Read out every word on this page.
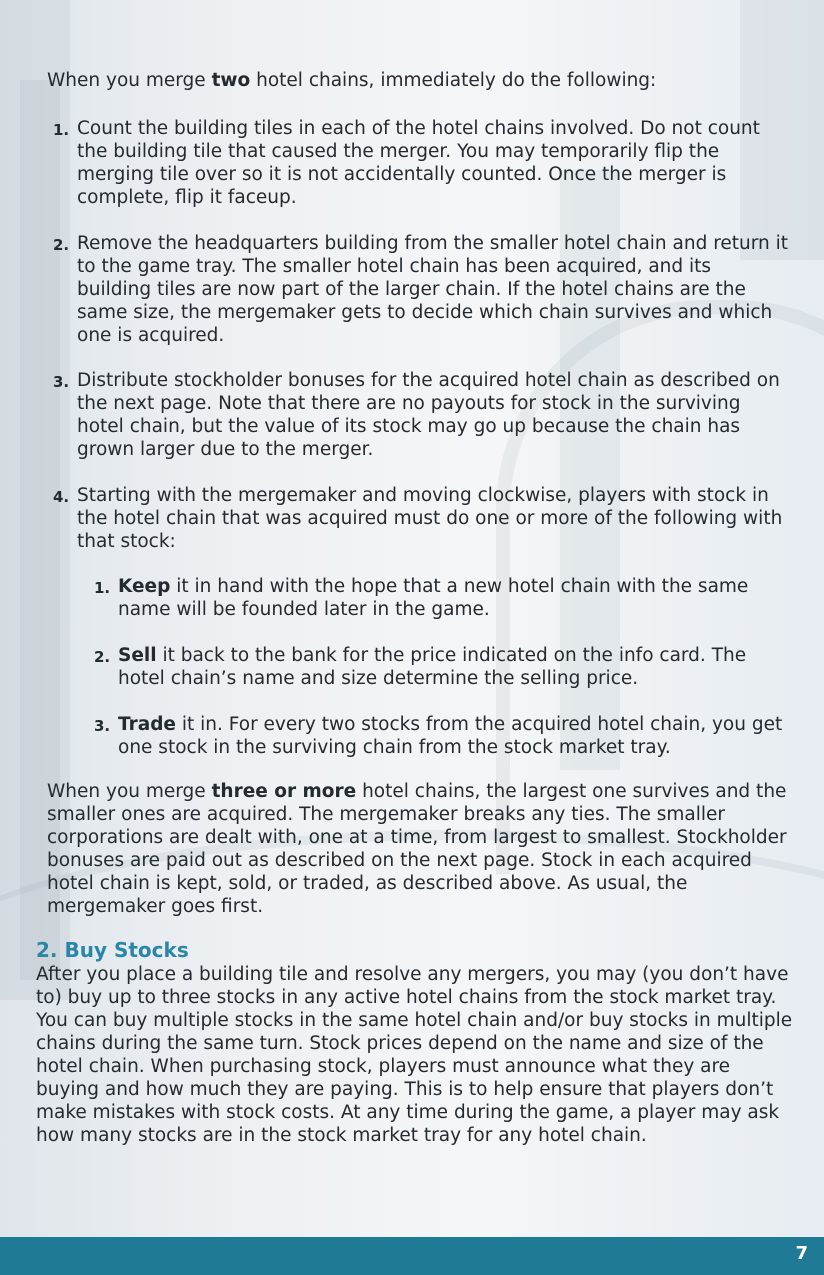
When you merge two hotel chains, immediately do the following:

1. Count the building tiles in each of the hotel chains involved. Do not count the building tile that caused the merger. You may temporarily flip the merging tile over so it is not accidentally counted. Once the merger is complete, flip it faceup.
2. Remove the headquarters building from the smaller hotel chain and return it to the game tray. The smaller hotel chain has been acquired, and its building tiles are now part of the larger chain. If the hotel chains are the same size, the mergemaker gets to decide which chain survives and which one is acquired.
3. Distribute stockholder bonuses for the acquired hotel chain as described on the next page. Note that there are no payouts for stock in the surviving hotel chain, but the value of its stock may go up because the chain has grown larger due to the merger.
4. Starting with the mergemaker and moving clockwise, players with stock in the hotel chain that was acquired must do one or more of the following with that stock:
1. Keep it in hand with the hope that a new hotel chain with the same name will be founded later in the game.
2. Sell it back to the bank for the price indicated on the info card. The hotel chain’s name and size determine the selling price.
3. Trade it in. For every two stocks from the acquired hotel chain, you get one stock in the surviving chain from the stock market tray.

When you merge three or more hotel chains, the largest one survives and the smaller ones are acquired. The mergemaker breaks any ties. The smaller corporations are dealt with, one at a time, from largest to smallest. Stockholder bonuses are paid out as described on the next page. Stock in each acquired hotel chain is kept, sold, or traded, as described above. As usual, the mergemaker goes first.

2. Buy Stocks

After you place a building tile and resolve any mergers, you may (you don’t have to) buy up to three stocks in any active hotel chains from the stock market tray. You can buy multiple stocks in the same hotel chain and/or buy stocks in multiple chains during the same turn. Stock prices depend on the name and size of the hotel chain. When purchasing stock, players must announce what they are buying and how much they are paying. This is to help ensure that players don’t make mistakes with stock costs. At any time during the game, a player may ask how many stocks are in the stock market tray for any hotel chain.

7
